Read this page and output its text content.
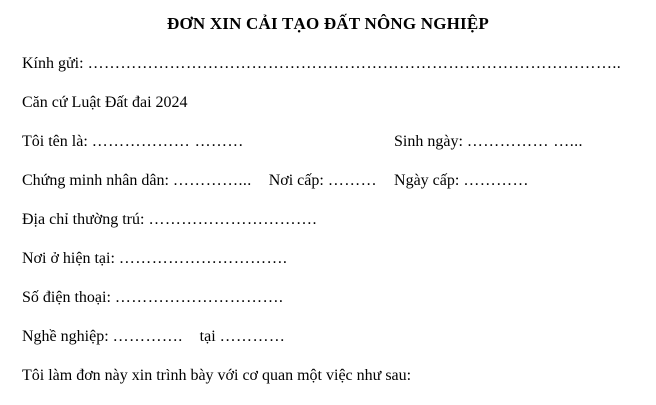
ĐƠN XIN CẢI TẠO ĐẤT NÔNG NGHIỆP
Kính gửi: ……………………………………………………………………………………..
Căn cứ Luật Đất đai 2024
Tôi tên là: ……………… ………	Sinh ngày: …………… …...
Chứng minh nhân dân: …………... Nơi cấp: ……… Ngày cấp: …………
Địa chỉ thường trú: ………………………….
Nơi ở hiện tại: ………………………….
Số điện thoại: ………………………….
Nghề nghiệp: …………. tại …………
Tôi làm đơn này xin trình bày với cơ quan một việc như sau:
